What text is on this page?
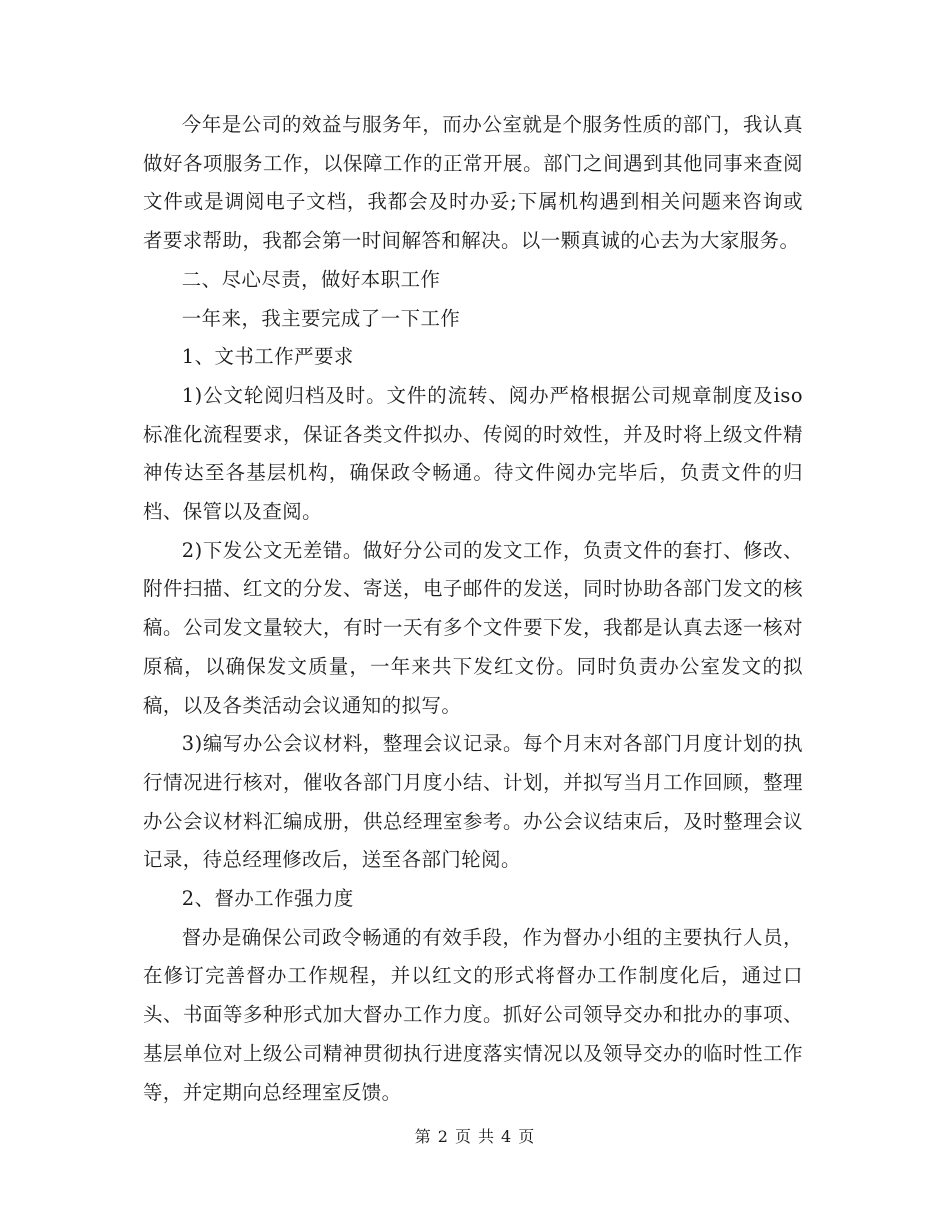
今年是公司的效益与服务年，而办公室就是个服务性质的部门，我认真做好各项服务工作，以保障工作的正常开展。部门之间遇到其他同事来查阅文件或是调阅电子文档，我都会及时办妥;下属机构遇到相关问题来咨询或者要求帮助，我都会第一时间解答和解决。以一颗真诚的心去为大家服务。

二、尽心尽责，做好本职工作

一年来，我主要完成了一下工作

1、文书工作严要求

1)公文轮阅归档及时。文件的流转、阅办严格根据公司规章制度及iso标准化流程要求，保证各类文件拟办、传阅的时效性，并及时将上级文件精神传达至各基层机构，确保政令畅通。待文件阅办完毕后，负责文件的归档、保管以及查阅。

2)下发公文无差错。做好分公司的发文工作，负责文件的套打、修改、附件扫描、红文的分发、寄送，电子邮件的发送，同时协助各部门发文的核稿。公司发文量较大，有时一天有多个文件要下发，我都是认真去逐一核对原稿，以确保发文质量，一年来共下发红文份。同时负责办公室发文的拟稿，以及各类活动会议通知的拟写。

3)编写办公会议材料，整理会议记录。每个月末对各部门月度计划的执行情况进行核对，催收各部门月度小结、计划，并拟写当月工作回顾，整理办公会议材料汇编成册，供总经理室参考。办公会议结束后，及时整理会议记录，待总经理修改后，送至各部门轮阅。

2、督办工作强力度

督办是确保公司政令畅通的有效手段，作为督办小组的主要执行人员，在修订完善督办工作规程，并以红文的形式将督办工作制度化后，通过口头、书面等多种形式加大督办工作力度。抓好公司领导交办和批办的事项、基层单位对上级公司精神贯彻执行进度落实情况以及领导交办的临时性工作等，并定期向总经理室反馈。

第 2 页 共 4 页
